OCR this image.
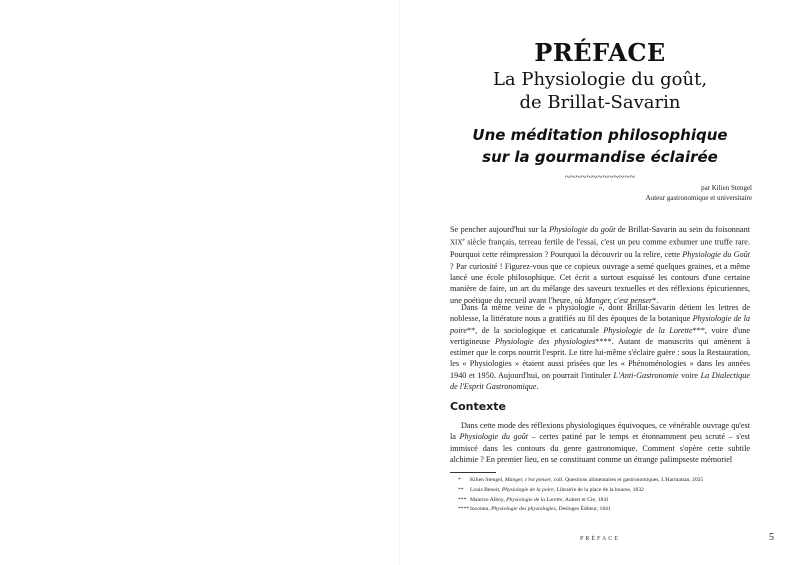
PRÉFACE
La Physiologie du goût,
de Brillat-Savarin
Une méditation philosophique
sur la gourmandise éclairée
~~~~~~~~~~~~~
par Kilien Stengel
Auteur gastronomique et universitaire

Se pencher aujourd'hui sur la Physiologie du goût de Brillat-Savarin au sein du foisonnant XIXe siècle français, terreau fertile de l'essai, c'est un peu comme exhumer une truffe rare. Pourquoi cette réimpression ? Pourquoi la découvrir ou la relire, cette Physiologie du Goût ? Par curiosité ! Figurez-vous que ce copieux ouvrage a semé quelques graines, et a même lancé une école philosophique. Cet écrit a surtout esquissé les contours d'une certaine manière de faire, un art du mélange des saveurs textuelles et des réflexions épicuriennes, une poétique du recueil avant l'heure, où Manger, c'est penser*.

Dans la même veine de « physiologie », dont Brillat-Savarin détient les lettres de noblesse, la littérature nous a gratifiés au fil des époques de la botanique Physiologie de la poire**, de la sociologique et caricaturale Physiologie de la Lorette***, voire d'une vertigineuse Physiologie des physiologies****. Autant de manuscrits qui amènent à estimer que le corps nourrit l'esprit. Le titre lui-même s'éclaire guère : sous la Restauration, les « Physiologies » étaient aussi prisées que les « Phénoménologies » dans les années 1940 et 1950. Aujourd'hui, on pourrait l'intituler L'Anti-Gastronomie voire La Dialectique de l'Esprit Gastronomique.

Contexte

Dans cette mode des réflexions physiologiques équivoques, ce vénérable ouvrage qu'est la Physiologie du goût – certes patiné par le temps et étonnamment peu scruté – s'est immiscé dans les contours du genre gastronomique. Comment s'opère cette subtile alchimie ? En premier lieu, en se constituant comme un étrange palimpseste mémoriel

* Kilien Stengel, Manger, c'est penser, coll. Questions alimentaires et gastronomiques, L'Harmattan, 2025
** Louis Benoit, Physiologie de la poire, Librairie de la place de la bourse, 1832
*** Maurice Alhoy, Physiologie de la Lorette, Aubert et Cie, 1841
****Inconnu, Physiologie des physiologies, Desloges Éditeur, 1841
PRÉFACE	5
